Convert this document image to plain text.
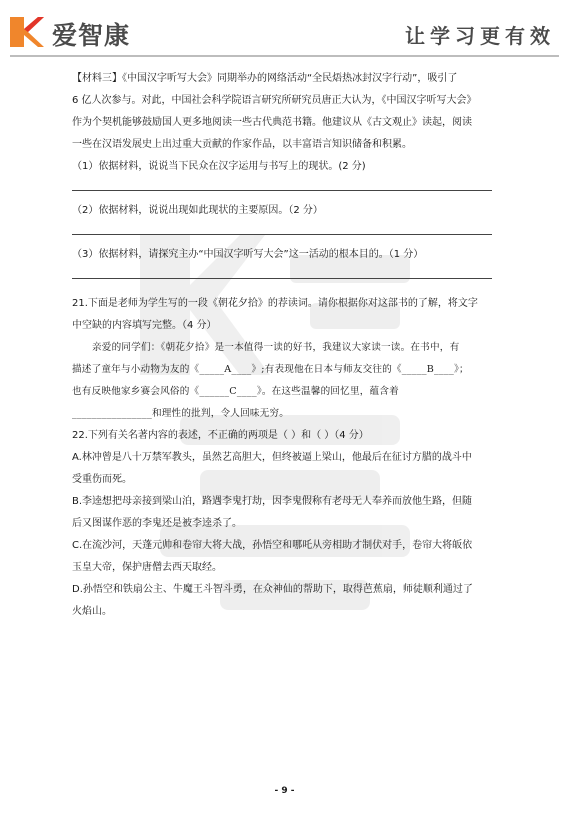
爱智康	让学习更有效
【材料三】《中国汉字听写大会》同期举办的网络活动“全民焐热冰封汉字行动”，吸引了
6 亿人次参与。对此，中国社会科学院语言研究所研究员唐正大认为，《中国汉字听写大会》
作为个契机能够鼓励国人更多地阅读一些古代典范书籍。他建议从《古文观止》读起，阅读
一些在汉语发展史上出过重大贡献的作家作品，以丰富语言知识储备和积累。
（1）依据材料，说说当下民众在汉字运用与书写上的现状。(2 分)
（2）依据材料，说说出现如此现状的主要原因。（2 分）
（3）依据材料，请探究主办“中国汉字听写大会”这一活动的根本目的。（1 分）
21.下面是老师为学生写的一段《朝花夕拾》的荐读词。请你根据你对这部书的了解，将文字
中空缺的内容填写完整。（4 分）
亲爱的同学们：《朝花夕拾》是一本值得一读的好书，我建议大家读一读。在书中，有
描述了童年与小动物为友的《_____A____》;有表现他在日本与师友交往的《_____B____》；
也有反映他家乡赛会风俗的《______C____》。在这些温馨的回忆里，蕴含着
________________和理性的批判，令人回味无穷。
22.下列有关名著内容的表述，不正确的两项是（ ）和（ ）（4 分）
A.林冲曾是八十万禁军教头，虽然艺高胆大，但终被逼上梁山，他最后在征讨方腊的战斗中
受重伤而死。
B.李逵想把母亲接到梁山泊，路遇李鬼打劫，因李鬼假称有老母无人奉养而放他生路，但随
后又图谋作恶的李鬼还是被李逵杀了。
C.在流沙河，天蓬元帅和卷帘大将大战，孙悟空和哪吒从旁相助才制伏对手，卷帘大将皈依
玉皇大帝，保护唐僧去西天取经。
D.孙悟空和铁扇公主、牛魔王斗智斗勇，在众神仙的帮助下，取得芭蕉扇，师徒顺利通过了
火焰山。
- 9 -
